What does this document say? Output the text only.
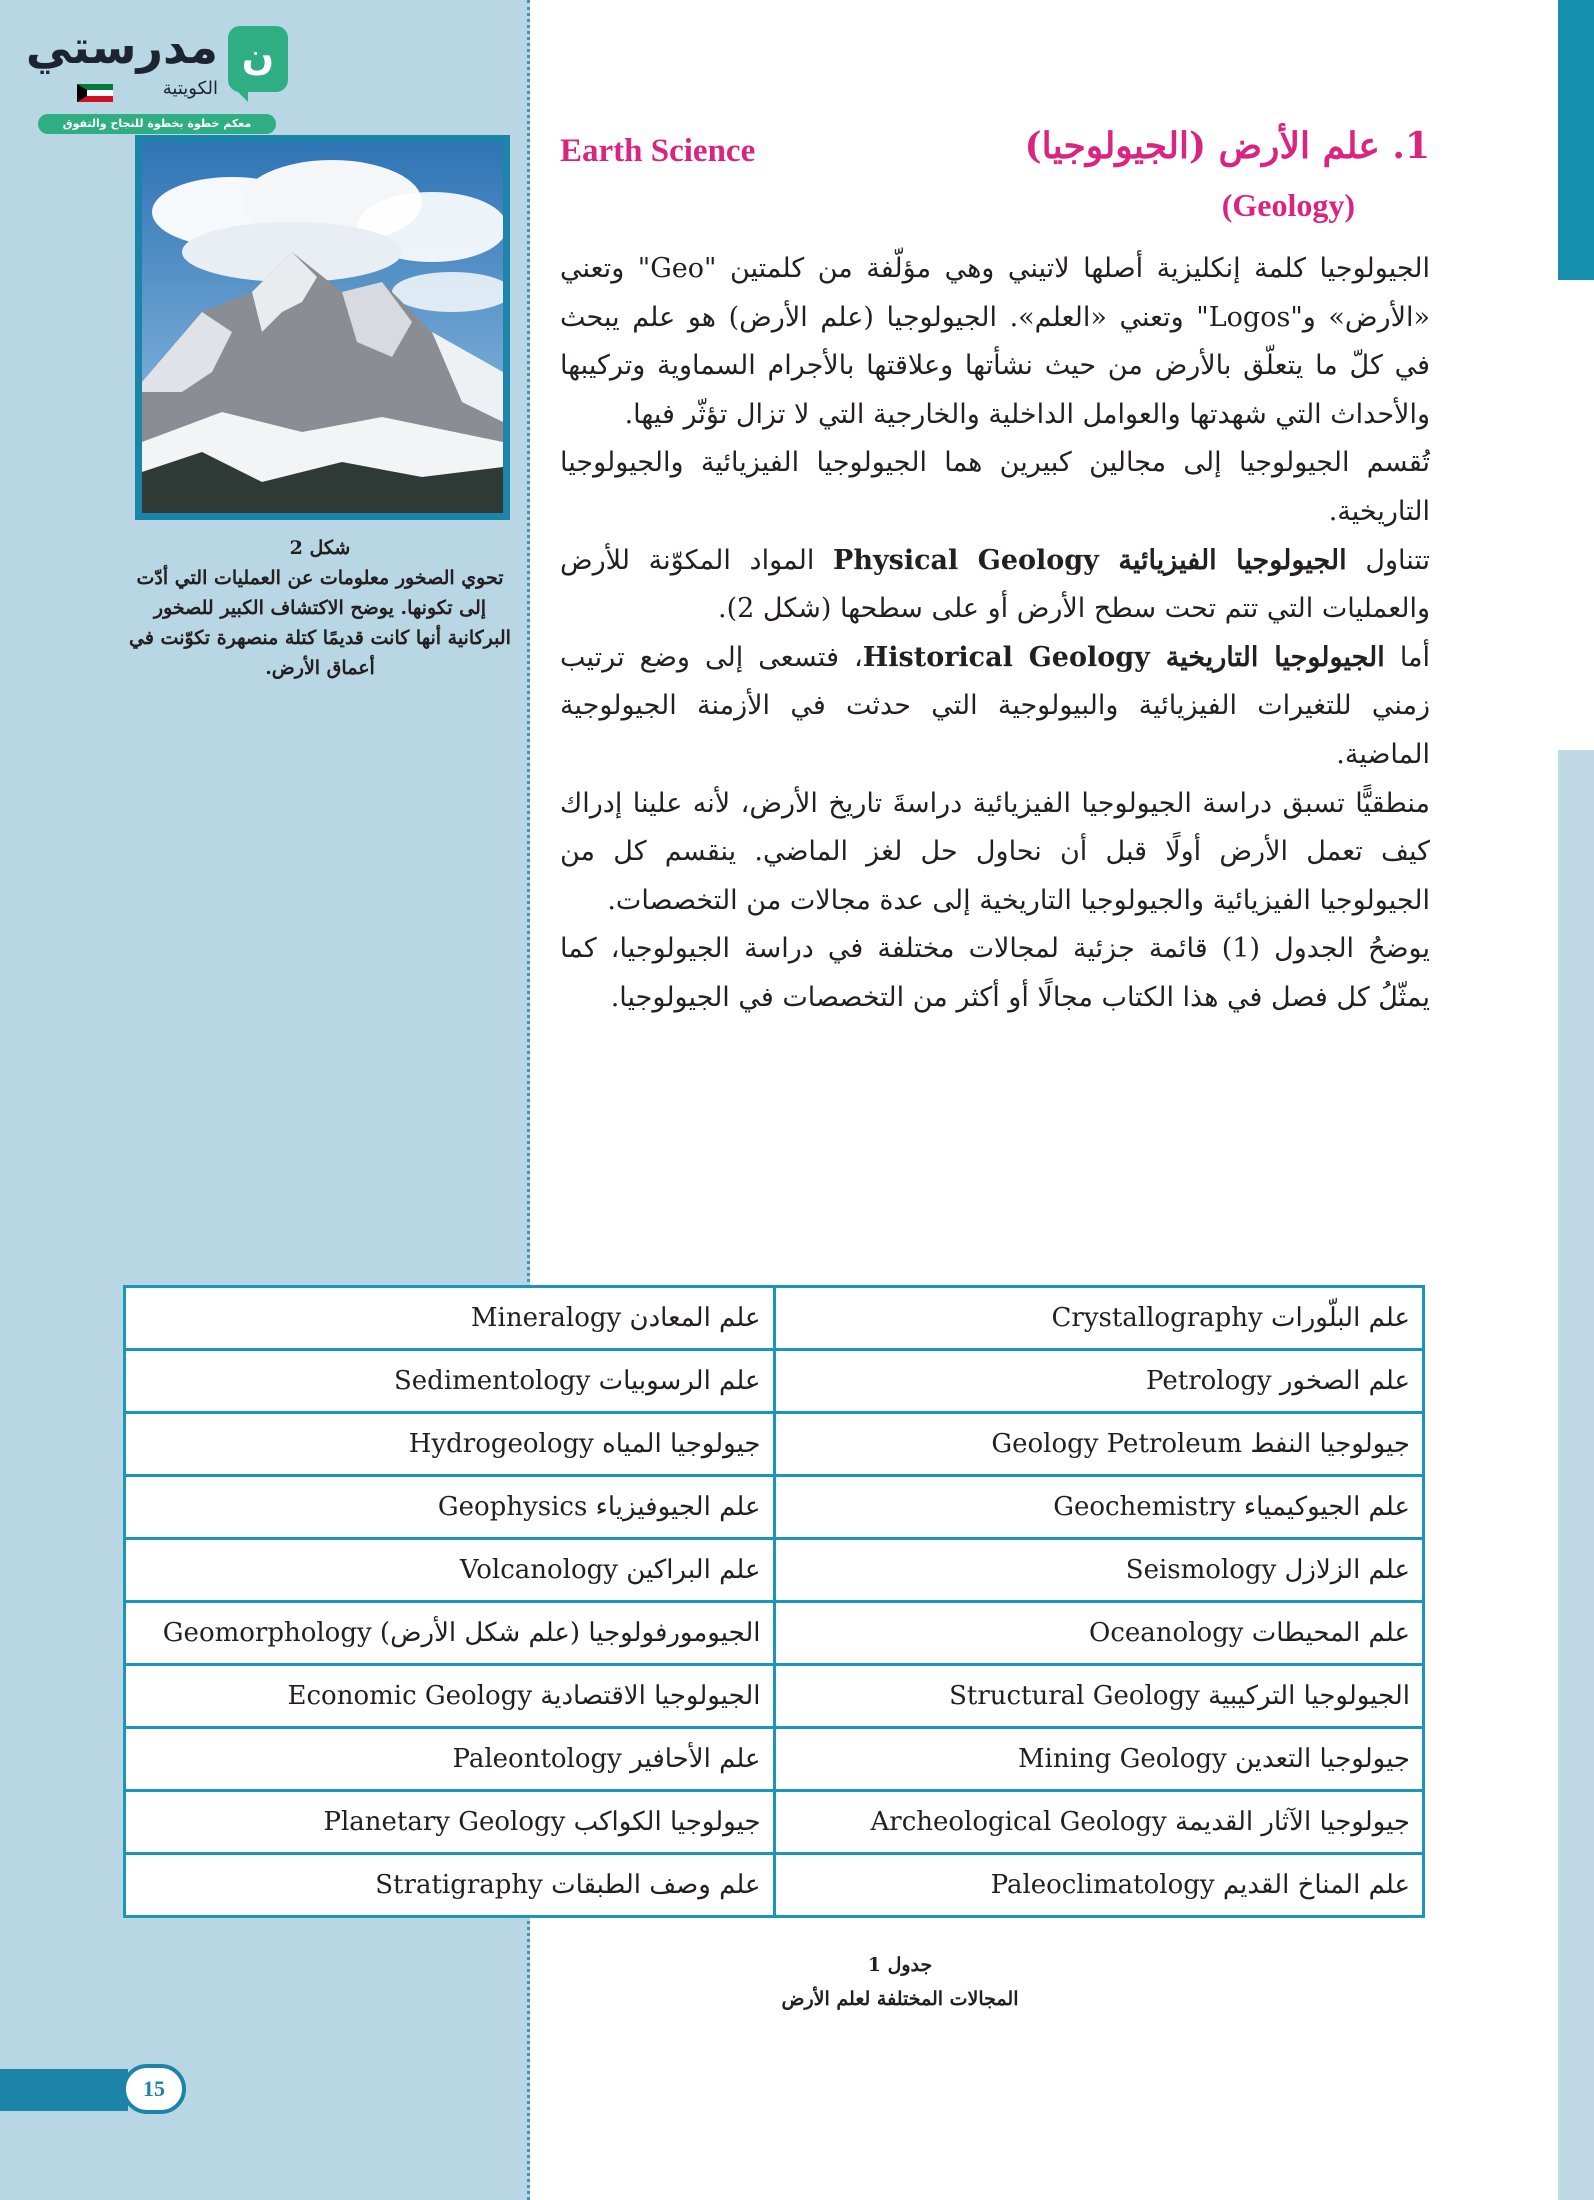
ن
مدرستي
الكويتية
معكم خطوة بخطوة للنجاح والتفوق
شكل 2
تحوي الصخور معلومات عن العمليات التي أدّت إلى تكونها. يوضح الاكتشاف الكبير للصخور البركانية أنها كانت قديمًا كتلة منصهرة تكوّنت في أعماق الأرض.
1. علم الأرض (الجيولوجيا)
Earth Science
(Geology)

الجيولوجيا كلمة إنكليزية أصلها لاتيني وهي مؤلّفة من كلمتين "Geo" وتعني «الأرض» و"Logos" وتعني «العلم». الجيولوجيا (علم الأرض) هو علم يبحث في كلّ ما يتعلّق بالأرض من حيث نشأتها وعلاقتها بالأجرام السماوية وتركيبها والأحداث التي شهدتها والعوامل الداخلية والخارجية التي لا تزال تؤثّر فيها.

تُقسم الجيولوجيا إلى مجالين كبيرين هما الجيولوجيا الفيزيائية والجيولوجيا التاريخية.

تتناول الجيولوجيا الفيزيائية Physical Geology المواد المكوّنة للأرض والعمليات التي تتم تحت سطح الأرض أو على سطحها (شكل 2).

أما الجيولوجيا التاريخية Historical Geology، فتسعى إلى وضع ترتيب زمني للتغيرات الفيزيائية والبيولوجية التي حدثت في الأزمنة الجيولوجية الماضية.

منطقيًّا تسبق دراسة الجيولوجيا الفيزيائية دراسةَ تاريخ الأرض، لأنه علينا إدراك كيف تعمل الأرض أولًا قبل أن نحاول حل لغز الماضي. ينقسم كل من الجيولوجيا الفيزيائية والجيولوجيا التاريخية إلى عدة مجالات من التخصصات.

يوضحُ الجدول (1) قائمة جزئية لمجالات مختلفة في دراسة الجيولوجيا، كما يمثّلُ كل فصل في هذا الكتاب مجالًا أو أكثر من التخصصات في الجيولوجيا.

علم البلّورات Crystallography	علم المعادن Mineralogy
علم الصخور Petrology	علم الرسوبيات Sedimentology
جيولوجيا النفط Geology Petroleum	جيولوجيا المياه Hydrogeology
علم الجيوكيمياء Geochemistry	علم الجيوفيزياء Geophysics
علم الزلازل Seismology	علم البراكين Volcanology
علم المحيطات Oceanology	الجيومورفولوجيا (علم شكل الأرض) Geomorphology
الجيولوجيا التركيبية Structural Geology	الجيولوجيا الاقتصادية Economic Geology
جيولوجيا التعدين Mining Geology	علم الأحافير Paleontology
جيولوجيا الآثار القديمة Archeological Geology	جيولوجيا الكواكب Planetary Geology
علم المناخ القديم Paleoclimatology	علم وصف الطبقات Stratigraphy
جدول 1
المجالات المختلفة لعلم الأرض
15
